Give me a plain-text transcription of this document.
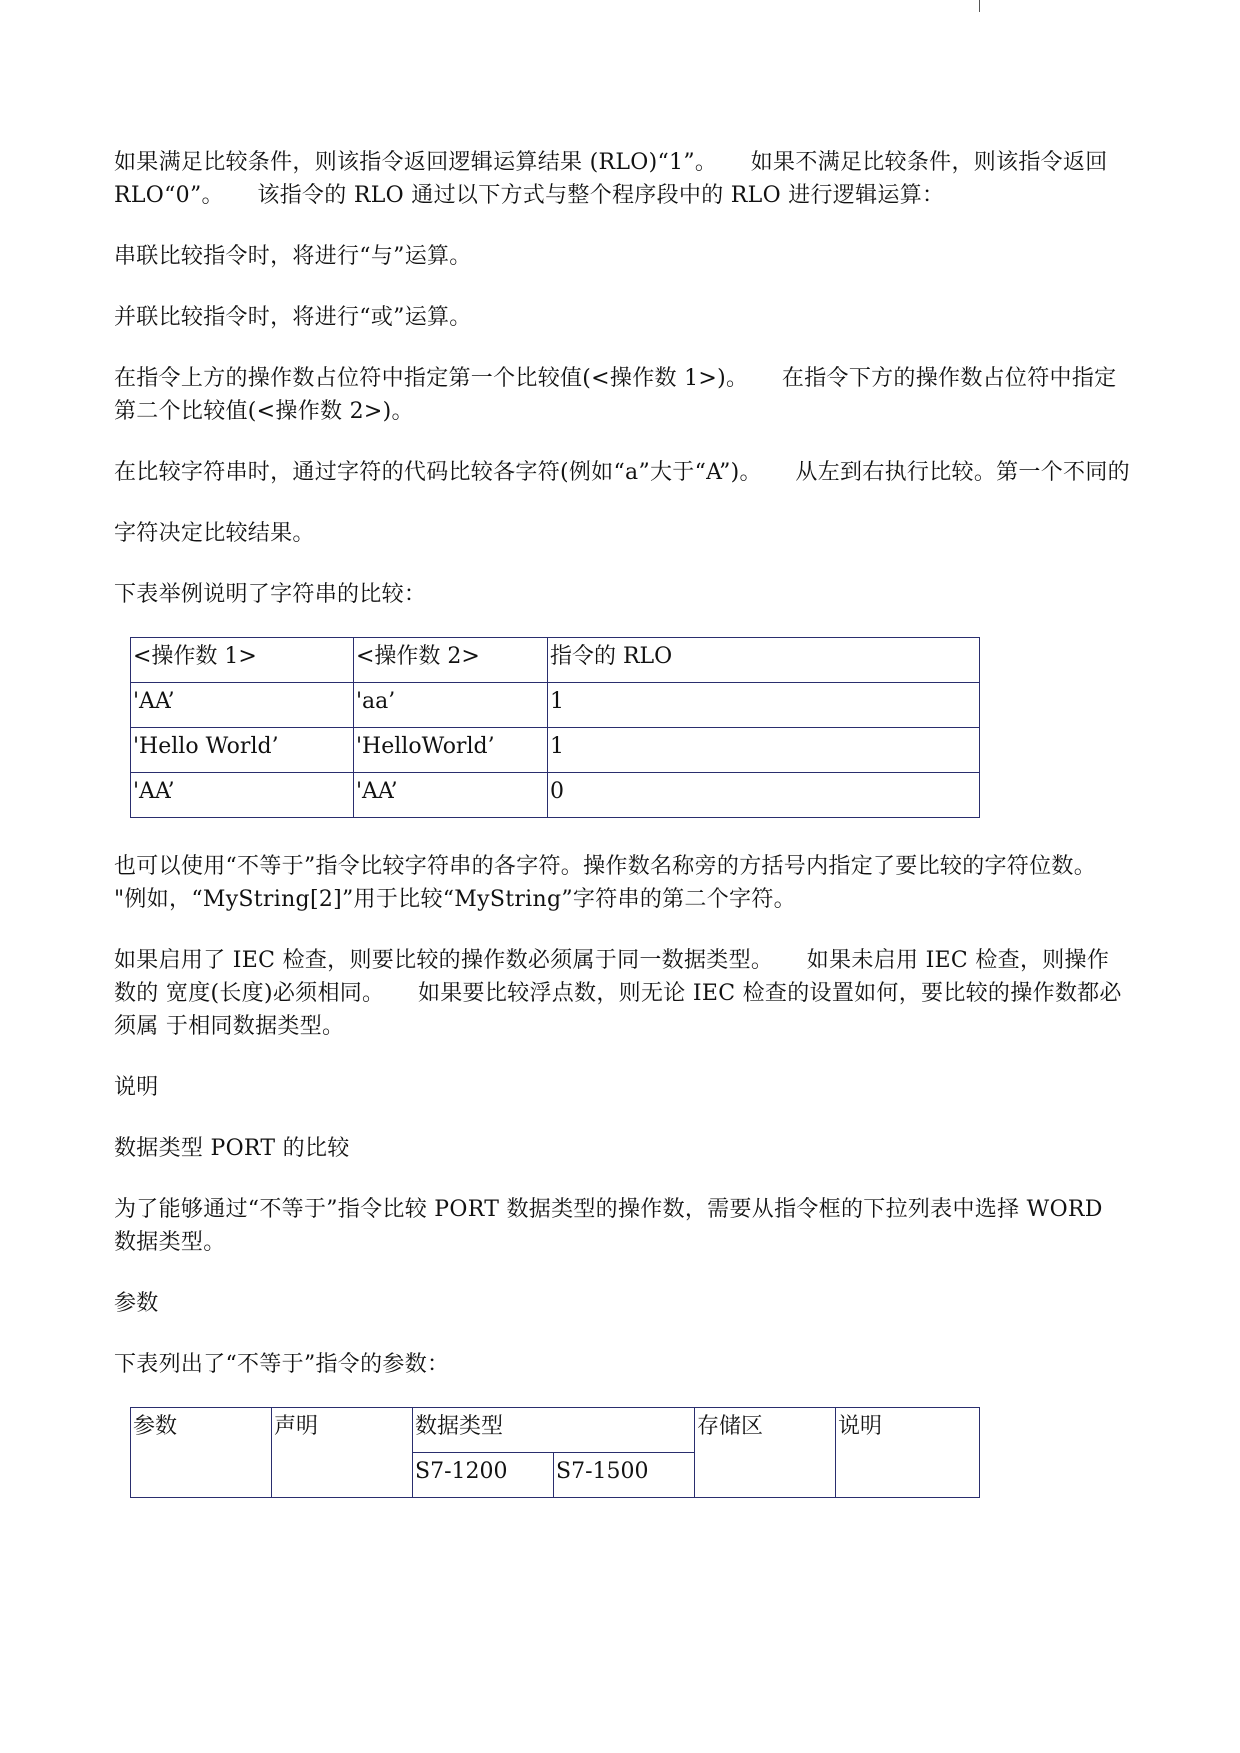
如果满足比较条件，则该指令返回逻辑运算结果 (RLO)“1”。　　如果不满足比较条件，则该指令返回 RLO“0”。　　该指令的 RLO 通过以下方式与整个程序段中的 RLO 进行逻辑运算：

串联比较指令时，将进行“与”运算。

并联比较指令时，将进行“或”运算。

在指令上方的操作数占位符中指定第一个比较值(<操作数 1>)。　　在指令下方的操作数占位符中指定 第二个比较值(<操作数 2>)。

在比较字符串时，通过字符的代码比较各字符(例如“a”大于“A”)。　　从左到右执行比较。第一个不同的

字符决定比较结果。

下表举例说明了字符串的比较：

<操作数 1>	<操作数 2>	指令的 RLO
'AA’	'aa’	1
'Hello World’	'HelloWorld’	1
'AA’	'AA’	0

也可以使用“不等于”指令比较字符串的各字符。操作数名称旁的方括号内指定了要比较的字符位数。 "例如，“MyString[2]”用于比较“MyString”字符串的第二个字符。

如果启用了 IEC 检查，则要比较的操作数必须属于同一数据类型。　　如果未启用 IEC 检查，则操作数的 宽度(长度)必须相同。　　如果要比较浮点数，则无论 IEC 检查的设置如何，要比较的操作数都必须属 于相同数据类型。

说明

数据类型 PORT 的比较

为了能够通过“不等于”指令比较 PORT 数据类型的操作数，需要从指令框的下拉列表中选择 WORD 数据类型。

参数

下表列出了“不等于”指令的参数：

参数	声明	数据类型		存储区	说明
		S7-1200	S7-1500		
